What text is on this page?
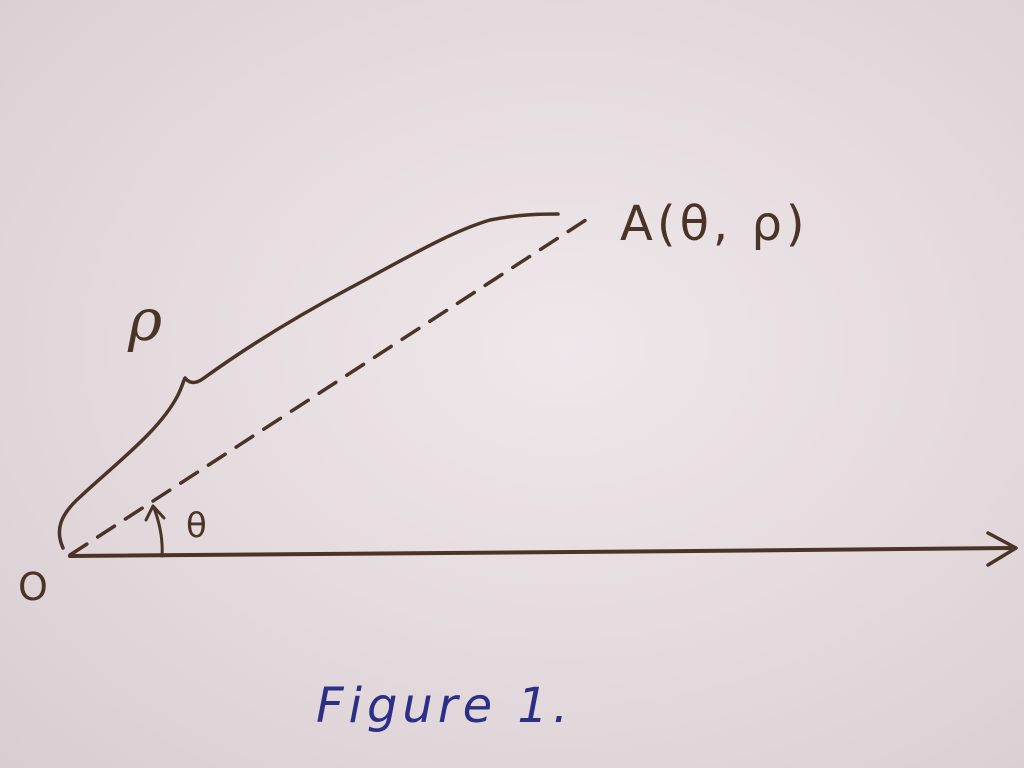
O
ρ
θ
A(θ, ρ)
Figure 1.
